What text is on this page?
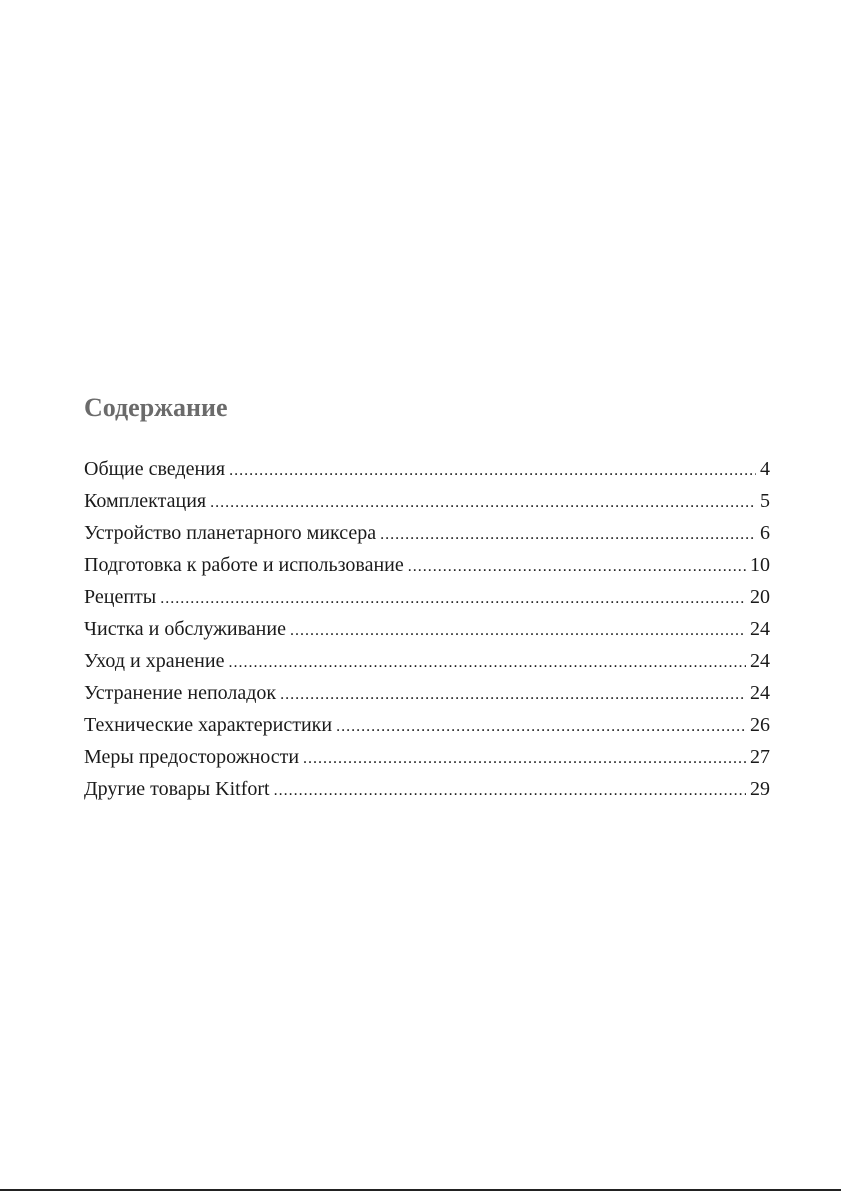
Содержание
Общие сведения .....	4
Комплектация .....	5
Устройство планетарного миксера .....	6
Подготовка к работе и использование .....	10
Рецепты .....	20
Чистка и обслуживание .....	24
Уход и хранение .....	24
Устранение неполадок .....	24
Технические характеристики .....	26
Меры предосторожности .....	27
Другие товары Kitfort .....	29
